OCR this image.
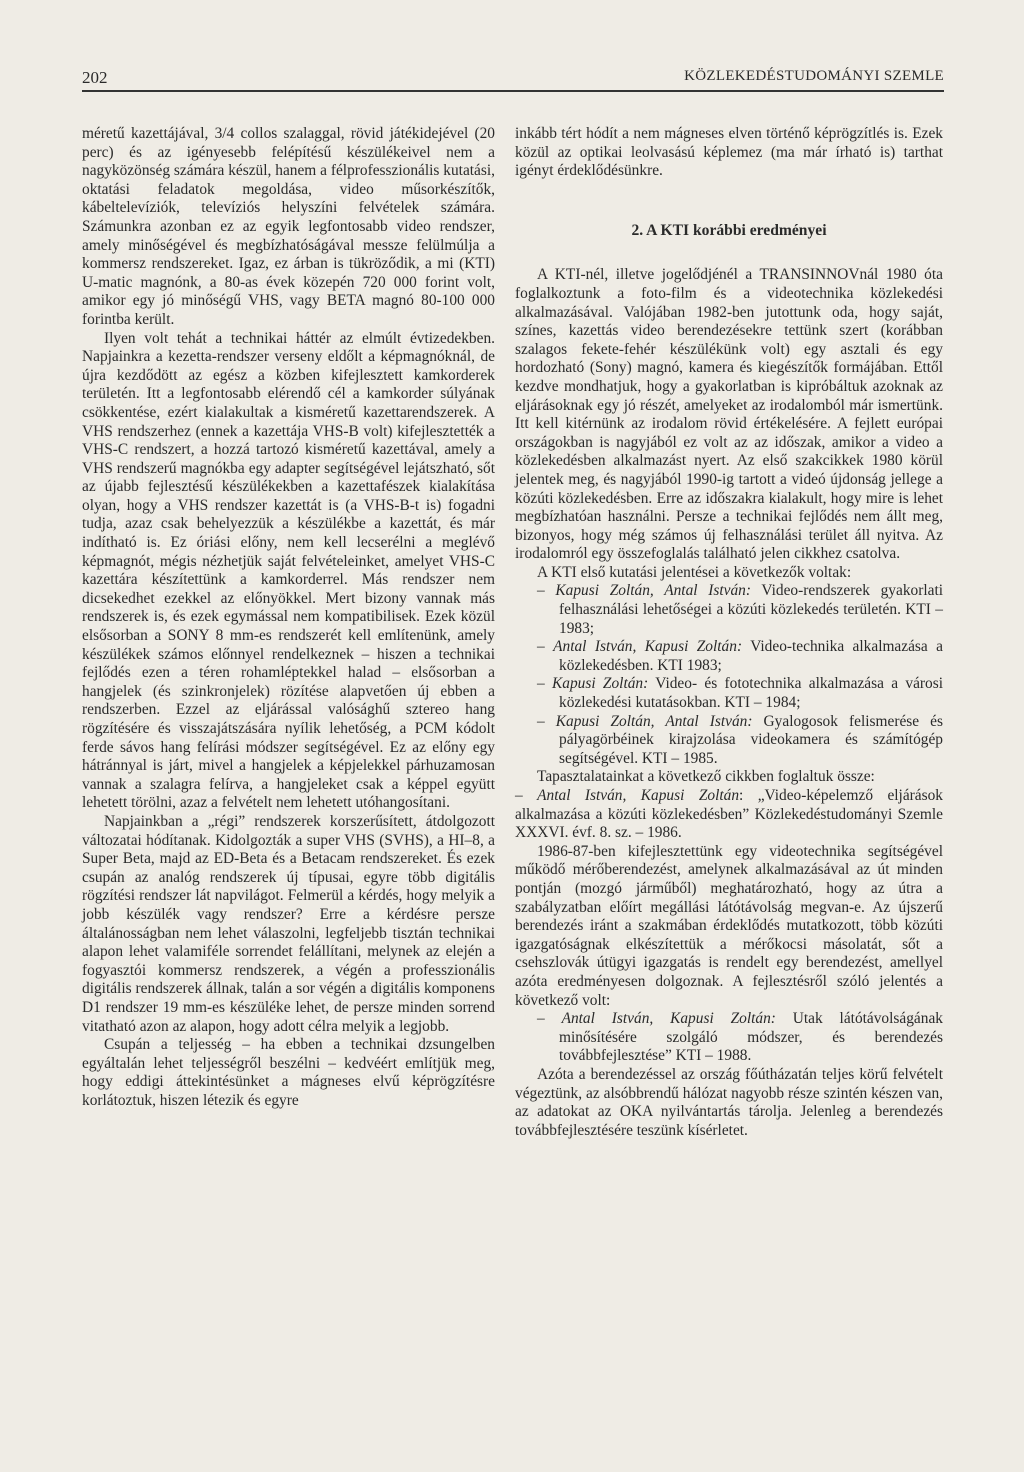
202	KÖZLEKEDÉSTUDOMÁNYI SZEMLE

méretű kazettájával, 3/4 collos szalaggal, rövid játékidejével (20 perc) és az igényesebb felépítésű készülékeivel nem a nagyközönség számára készül, hanem a félprofesszionális kutatási, oktatási feladatok megoldása, video műsorkészítők, kábeltelevíziók, televíziós helyszíni felvételek számára. Számunkra azonban ez az egyik legfontosabb video rendszer, amely minőségével és megbízhatóságával messze felülmúlja a kommersz rendszereket. Igaz, ez árban is tükröződik, a mi (KTI) U-matic magnónk, a 80-as évek közepén 720 000 forint volt, amikor egy jó minőségű VHS, vagy BETA magnó 80-100 000 forintba került.

Ilyen volt tehát a technikai háttér az elmúlt évtizedekben. Napjainkra a kezetta-rendszer verseny eldőlt a képmagnóknál, de újra kezdődött az egész a közben kifejlesztett kamkorderek területén. Itt a legfontosabb elérendő cél a kamkorder súlyának csökkentése, ezért kialakultak a kisméretű kazettarendszerek. A VHS rendszerhez (ennek a kazettája VHS-B volt) kifejlesztették a VHS-C rendszert, a hozzá tartozó kisméretű kazettával, amely a VHS rendszerű magnókba egy adapter segítségével lejátszható, sőt az újabb fejlesztésű készülékekben a kazettafészek kialakítása olyan, hogy a VHS rendszer kazettát is (a VHS-B-t is) fogadni tudja, azaz csak behelyezzük a készülékbe a kazettát, és már indítható is. Ez óriási előny, nem kell lecserélni a meglévő képmagnót, mégis nézhetjük saját felvételeinket, amelyet VHS-C kazettára készítettünk a kamkorderrel. Más rendszer nem dicsekedhet ezekkel az előnyökkel. Mert bizony vannak más rendszerek is, és ezek egymással nem kompatibilisek. Ezek közül elsősorban a SONY 8 mm-es rendszerét kell említenünk, amely készülékek számos előnnyel rendelkeznek – hiszen a technikai fejlődés ezen a téren rohamléptekkel halad – elsősorban a hangjelek (és szinkronjelek) rözítése alapvetően új ebben a rendszerben. Ezzel az eljárással valósághű sztereo hang rögzítésére és visszajátszására nyílik lehetőség, a PCM kódolt ferde sávos hang felírási módszer segítségével. Ez az előny egy hátránnyal is járt, mivel a hangjelek a képjelekkel párhuzamosan vannak a szalagra felírva, a hangjeleket csak a képpel együtt lehetett törölni, azaz a felvételt nem lehetett utóhangosítani.

Napjainkban a „régi” rendszerek korszerűsített, átdolgozott változatai hódítanak. Kidolgozták a super VHS (SVHS), a HI–8, a Super Beta, majd az ED-Beta és a Betacam rendszereket. És ezek csupán az analóg rendszerek új típusai, egyre több digitális rögzítési rendszer lát napvilágot. Felmerül a kérdés, hogy melyik a jobb készülék vagy rendszer? Erre a kérdésre persze általánosságban nem lehet válaszolni, legfeljebb tisztán technikai alapon lehet valamiféle sorrendet felállítani, melynek az elején a fogyasztói kommersz rendszerek, a végén a professzionális digitális rendszerek állnak, talán a sor végén a digitális komponens D1 rendszer 19 mm-es készüléke lehet, de persze minden sorrend vitatható azon az alapon, hogy adott célra melyik a legjobb.

Csupán a teljesség – ha ebben a technikai dzsungelben egyáltalán lehet teljességről beszélni – kedvéért említjük meg, hogy eddigi áttekintésünket a mágneses elvű képrögzítésre korlátoztuk, hiszen létezik és egyre

inkább tért hódít a nem mágneses elven történő képrögzítlés is. Ezek közül az optikai leolvasású képlemez (ma már írható is) tarthat igényt érdeklődésünkre.

2. A KTI korábbi eredményei

A KTI-nél, illetve jogelődjénél a TRANSINNOVnál 1980 óta foglalkoztunk a foto-film és a videotechnika közlekedési alkalmazásával. Valójában 1982-ben jutottunk oda, hogy saját, színes, kazettás video berendezésekre tettünk szert (korábban szalagos fekete-fehér készülékünk volt) egy asztali és egy hordozható (Sony) magnó, kamera és kiegészítők formájában. Ettől kezdve mondhatjuk, hogy a gyakorlatban is kipróbáltuk azoknak az eljárásoknak egy jó részét, amelyeket az irodalomból már ismertünk. Itt kell kitérnünk az irodalom rövid értékelésére. A fejlett európai országokban is nagyjából ez volt az az időszak, amikor a video a közlekedésben alkalmazást nyert. Az első szakcikkek 1980 körül jelentek meg, és nagyjából 1990-ig tartott a videó újdonság jellege a közúti közlekedésben. Erre az időszakra kialakult, hogy mire is lehet megbízhatóan használni. Persze a technikai fejlődés nem állt meg, bizonyos, hogy még számos új felhasználási terület áll nyitva. Az irodalomról egy összefoglalás található jelen cikkhez csatolva.

A KTI első kutatási jelentései a következők voltak:

– Kapusi Zoltán, Antal István: Video-rendszerek gyakorlati felhasználási lehetőségei a közúti közlekedés területén. KTI – 1983;

– Antal István, Kapusi Zoltán: Video-technika alkalmazása a közlekedésben. KTI 1983;

– Kapusi Zoltán: Video- és fototechnika alkalmazása a városi közlekedési kutatásokban. KTI – 1984;

– Kapusi Zoltán, Antal István: Gyalogosok felismerése és pályagörbéinek kirajzolása videokamera és számítógép segítségével. KTI – 1985.

Tapasztalatainkat a következő cikkben foglaltuk össze:

– Antal István, Kapusi Zoltán: „Video-képelemző eljárások alkalmazása a közúti közlekedésben” Közlekedéstudományi Szemle XXXVI. évf. 8. sz. – 1986.

1986-87-ben kifejlesztettünk egy videotechnika segítségével működő mérőberendezést, amelynek alkalmazásával az út minden pontján (mozgó járműből) meghatározható, hogy az útra a szabályzatban előírt megállási látótávolság megvan-e. Az újszerű berendezés iránt a szakmában érdeklődés mutatkozott, több közúti igazgatóságnak elkészítettük a mérőkocsi másolatát, sőt a csehszlovák útügyi igazgatás is rendelt egy berendezést, amellyel azóta eredményesen dolgoznak. A fejlesztésről szóló jelentés a következő volt:

– Antal István, Kapusi Zoltán: Utak látótávolságának minősítésére szolgáló módszer, és berendezés továbbfejlesztése” KTI – 1988.

Azóta a berendezéssel az ország főútházatán teljes körű felvételt végeztünk, az alsóbbrendű hálózat nagyobb része szintén készen van, az adatokat az OKA nyilvántartás tárolja. Jelenleg a berendezés továbbfejlesztésére teszünk kísérletet.
